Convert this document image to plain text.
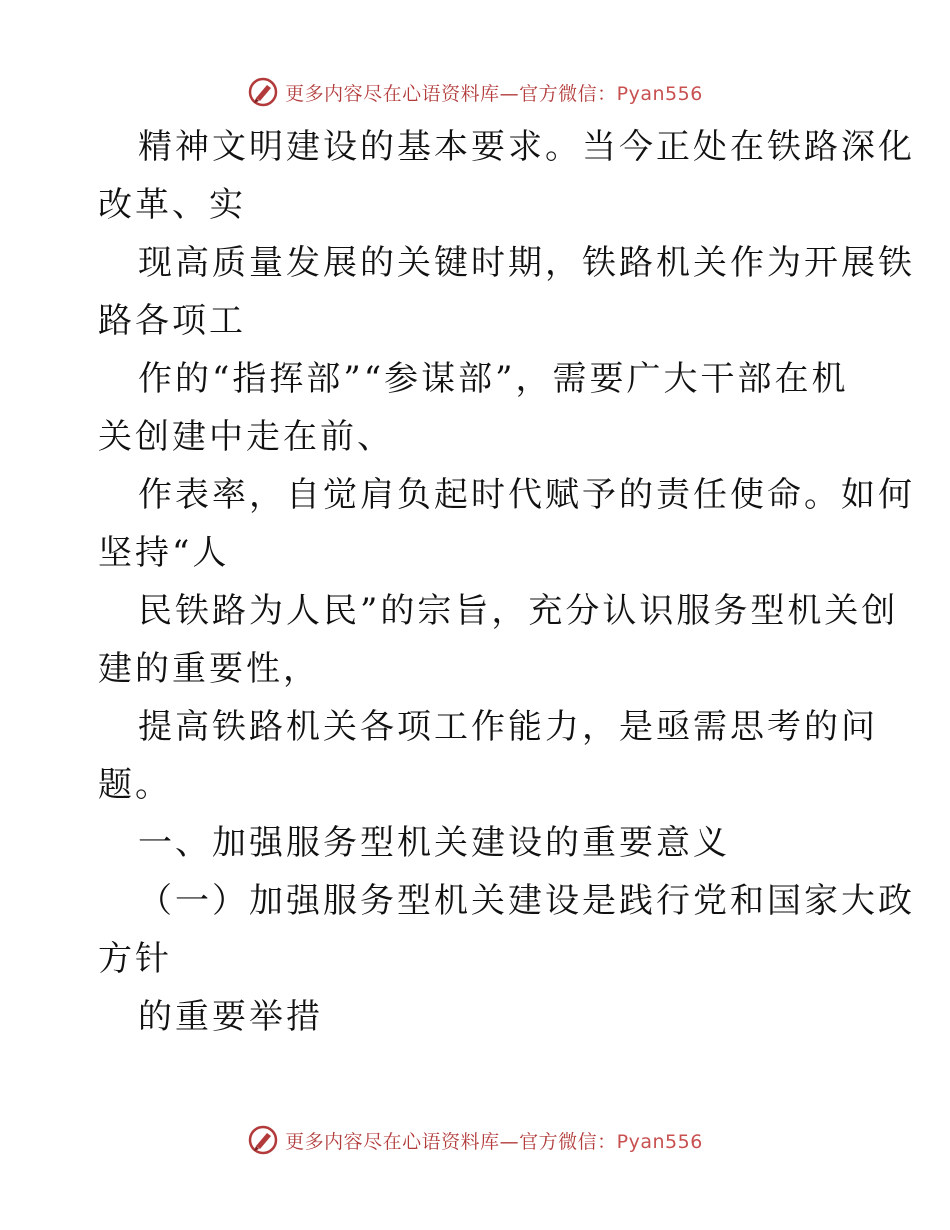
更多内容尽在心语资料库—官方微信：Pyan556
精神文明建设的基本要求。当今正处在铁路深化
改革、实
现高质量发展的关键时期，铁路机关作为开展铁
路各项工
作的“指挥部”“参谋部”，需要广大干部在机
关创建中走在前、
作表率，自觉肩负起时代赋予的责任使命。如何
坚持“人
民铁路为人民”的宗旨，充分认识服务型机关创
建的重要性，
提高铁路机关各项工作能力，是亟需思考的问
题。
一、加强服务型机关建设的重要意义
（一）加强服务型机关建设是践行党和国家大政
方针
的重要举措
更多内容尽在心语资料库—官方微信：Pyan556
